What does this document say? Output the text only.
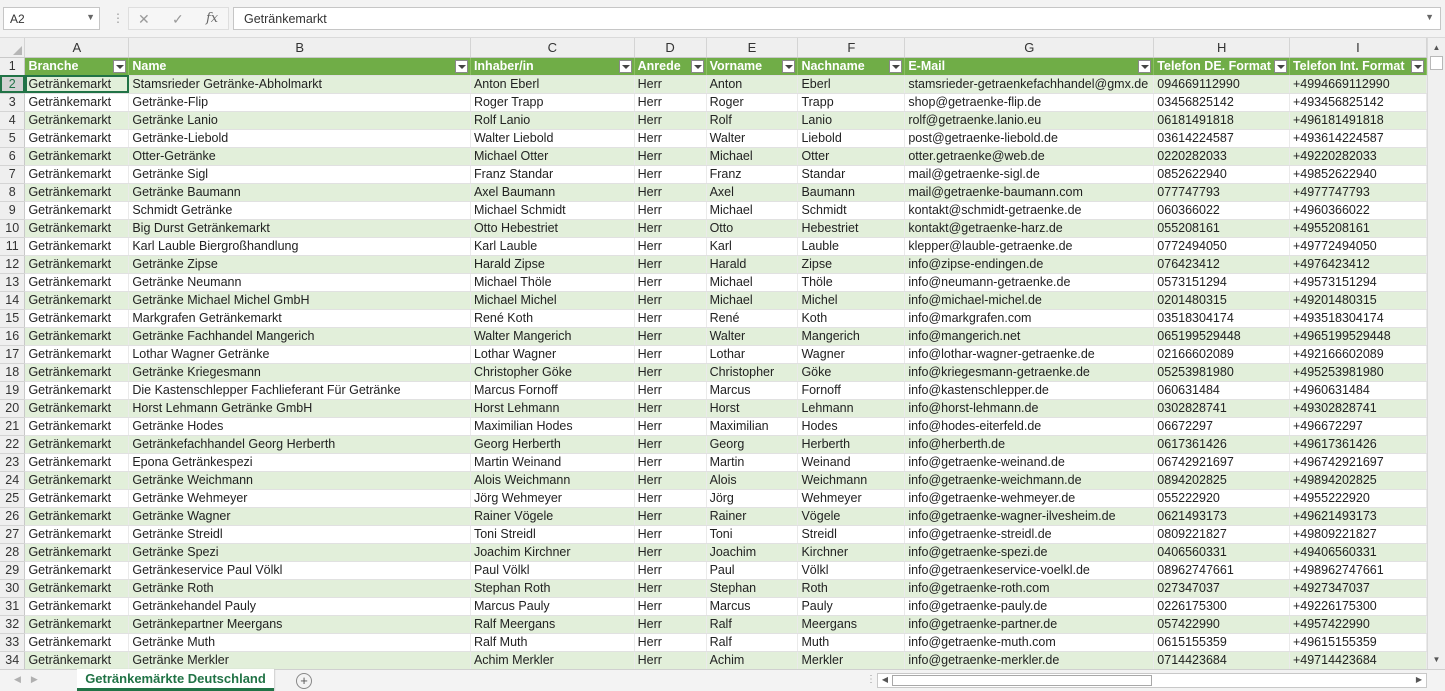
A2	▼ ⋮ ✕ ✓ fx	Getränkemarkt	▼
	A	B	C	D	E	F	G	H	I
1	Branche	Name	Inhaber/in	Anrede	Vorname	Nachname	E-Mail	Telefon DE. Format	Telefon Int. Format

2	Getränkemarkt	Stamsrieder Getränke-Abholmarkt	Anton Eberl	Herr	Anton	Eberl	stamsrieder-getraenkefachhandel@gmx.de	094669112990	+4994669112990
3	Getränkemarkt	Getränke-Flip	Roger Trapp	Herr	Roger	Trapp	shop@getraenke-flip.de	03456825142	+493456825142
4	Getränkemarkt	Getränke Lanio	Rolf Lanio	Herr	Rolf	Lanio	rolf@getraenke.lanio.eu	06181491818	+496181491818
5	Getränkemarkt	Getränke-Liebold	Walter Liebold	Herr	Walter	Liebold	post@getraenke-liebold.de	03614224587	+493614224587
6	Getränkemarkt	Otter-Getränke	Michael Otter	Herr	Michael	Otter	otter.getraenke@web.de	0220282033	+49220282033
7	Getränkemarkt	Getränke Sigl	Franz Standar	Herr	Franz	Standar	mail@getraenke-sigl.de	0852622940	+49852622940
8	Getränkemarkt	Getränke Baumann	Axel Baumann	Herr	Axel	Baumann	mail@getraenke-baumann.com	077747793	+4977747793
9	Getränkemarkt	Schmidt Getränke	Michael Schmidt	Herr	Michael	Schmidt	kontakt@schmidt-getraenke.de	060366022	+4960366022
10	Getränkemarkt	Big Durst Getränkemarkt	Otto Hebestriet	Herr	Otto	Hebestriet	kontakt@getraenke-harz.de	055208161	+4955208161
11	Getränkemarkt	Karl Lauble Biergroßhandlung	Karl Lauble	Herr	Karl	Lauble	klepper@lauble-getraenke.de	0772494050	+49772494050
12	Getränkemarkt	Getränke Zipse	Harald Zipse	Herr	Harald	Zipse	info@zipse-endingen.de	076423412	+4976423412
13	Getränkemarkt	Getränke Neumann	Michael Thöle	Herr	Michael	Thöle	info@neumann-getraenke.de	0573151294	+49573151294
14	Getränkemarkt	Getränke Michael Michel GmbH	Michael Michel	Herr	Michael	Michel	info@michael-michel.de	0201480315	+49201480315
15	Getränkemarkt	Markgrafen Getränkemarkt	René Koth	Herr	René	Koth	info@markgrafen.com	03518304174	+493518304174
16	Getränkemarkt	Getränke Fachhandel Mangerich	Walter Mangerich	Herr	Walter	Mangerich	info@mangerich.net	065199529448	+4965199529448
17	Getränkemarkt	Lothar Wagner Getränke	Lothar Wagner	Herr	Lothar	Wagner	info@lothar-wagner-getraenke.de	02166602089	+492166602089
18	Getränkemarkt	Getränke Kriegesmann	Christopher Göke	Herr	Christopher	Göke	info@kriegesmann-getraenke.de	05253981980	+495253981980
19	Getränkemarkt	Die Kastenschlepper Fachlieferant Für Getränke	Marcus Fornoff	Herr	Marcus	Fornoff	info@kastenschlepper.de	060631484	+4960631484
20	Getränkemarkt	Horst Lehmann Getränke GmbH	Horst Lehmann	Herr	Horst	Lehmann	info@horst-lehmann.de	0302828741	+49302828741
21	Getränkemarkt	Getränke Hodes	Maximilian Hodes	Herr	Maximilian	Hodes	info@hodes-eiterfeld.de	06672297	+496672297
22	Getränkemarkt	Getränkefachhandel Georg Herberth	Georg Herberth	Herr	Georg	Herberth	info@herberth.de	0617361426	+49617361426
23	Getränkemarkt	Epona Getränkespezi	Martin Weinand	Herr	Martin	Weinand	info@getraenke-weinand.de	06742921697	+496742921697
24	Getränkemarkt	Getränke Weichmann	Alois Weichmann	Herr	Alois	Weichmann	info@getraenke-weichmann.de	0894202825	+49894202825
25	Getränkemarkt	Getränke Wehmeyer	Jörg Wehmeyer	Herr	Jörg	Wehmeyer	info@getraenke-wehmeyer.de	055222920	+4955222920
26	Getränkemarkt	Getränke Wagner	Rainer Vögele	Herr	Rainer	Vögele	info@getraenke-wagner-ilvesheim.de	0621493173	+49621493173
27	Getränkemarkt	Getränke Streidl	Toni Streidl	Herr	Toni	Streidl	info@getraenke-streidl.de	0809221827	+49809221827
28	Getränkemarkt	Getränke Spezi	Joachim Kirchner	Herr	Joachim	Kirchner	info@getraenke-spezi.de	0406560331	+49406560331
29	Getränkemarkt	Getränkeservice Paul Völkl	Paul Völkl	Herr	Paul	Völkl	info@getraenkeservice-voelkl.de	08962747661	+498962747661
30	Getränkemarkt	Getränke Roth	Stephan Roth	Herr	Stephan	Roth	info@getraenke-roth.com	027347037	+4927347037
31	Getränkemarkt	Getränkehandel Pauly	Marcus Pauly	Herr	Marcus	Pauly	info@getraenke-pauly.de	0226175300	+49226175300
32	Getränkemarkt	Getränkepartner Meergans	Ralf Meergans	Herr	Ralf	Meergans	info@getraenke-partner.de	057422990	+4957422990
33	Getränkemarkt	Getränke Muth	Ralf Muth	Herr	Ralf	Muth	info@getraenke-muth.com	0615155359	+49615155359
34	Getränkemarkt	Getränke Merkler	Achim Merkler	Herr	Achim	Merkler	info@getraenke-merkler.de	0714423684	+49714423684
▲
▼
◀▶	Getränkemärkte Deutschland	+	⋮ ◀	▶
